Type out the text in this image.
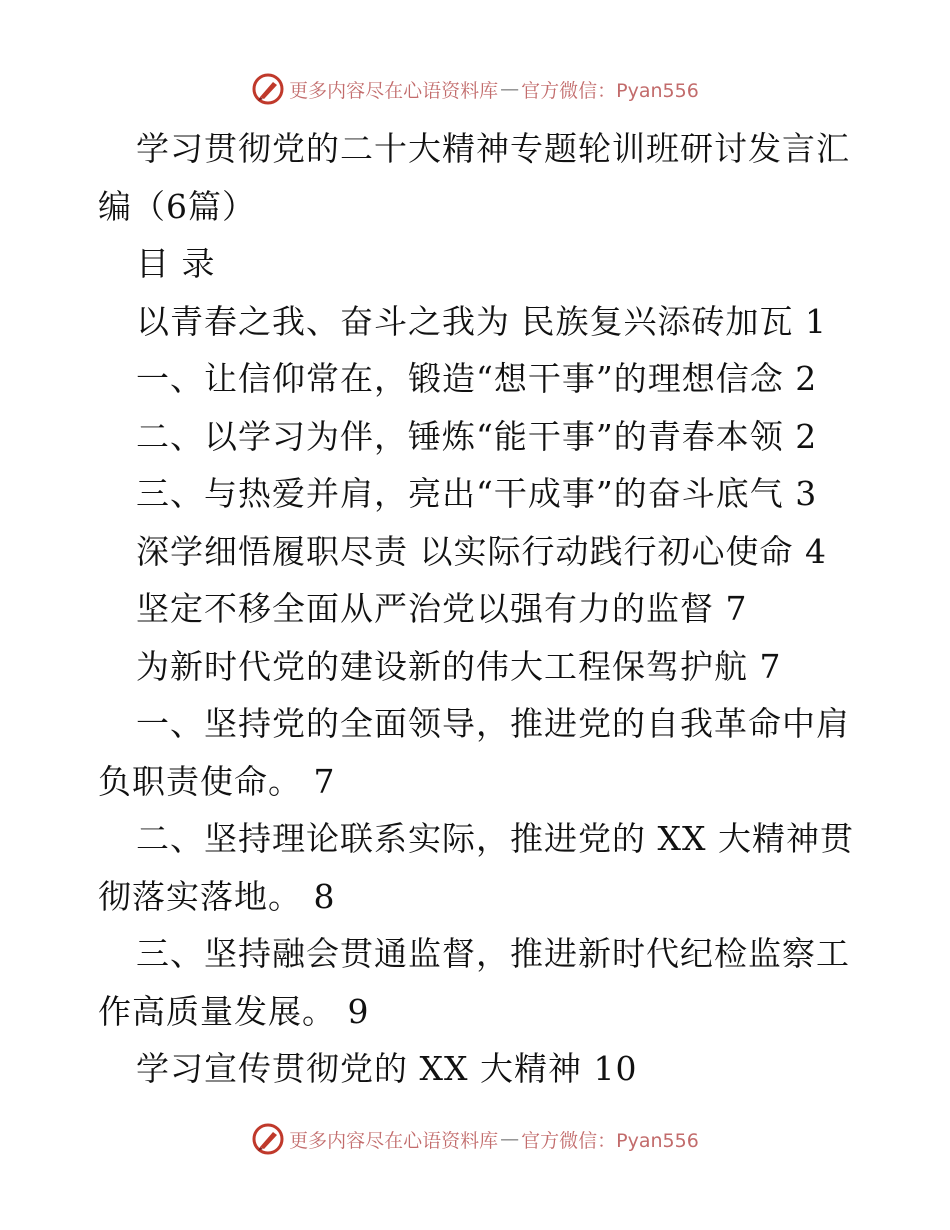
更多内容尽在心语资料库 — 官方微信：Pyan556

学习贯彻党的二十大精神专题轮训班研讨发言汇编（6篇）

目 录

以青春之我、奋斗之我为 民族复兴添砖加瓦 1

一、让信仰常在，锻造“想干事”的理想信念 2

二、以学习为伴，锤炼“能干事”的青春本领 2

三、与热爱并肩，亮出“干成事”的奋斗底气 3

深学细悟履职尽责 以实际行动践行初心使命 4

坚定不移全面从严治党以强有力的监督 7

为新时代党的建设新的伟大工程保驾护航 7

一、坚持党的全面领导，推进党的自我革命中肩负职责使命。 7

二、坚持理论联系实际，推进党的 XX 大精神贯彻落实落地。 8

三、坚持融会贯通监督，推进新时代纪检监察工作高质量发展。 9

学习宣传贯彻党的 XX 大精神 10

更多内容尽在心语资料库 — 官方微信：Pyan556
